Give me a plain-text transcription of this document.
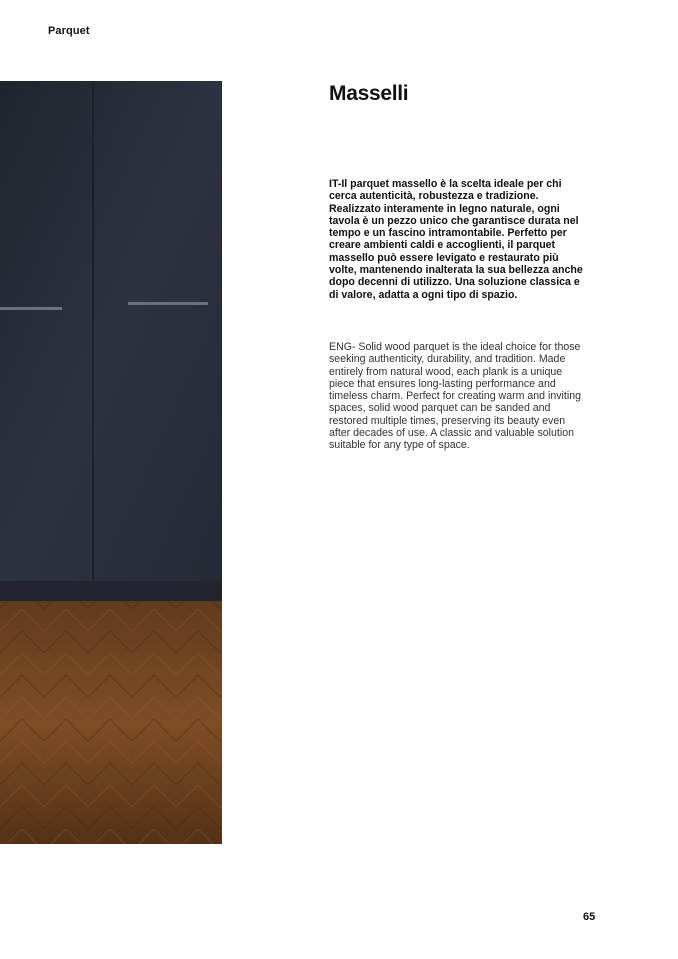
Parquet
Masselli

IT-Il parquet massello è la scelta ideale per chi cerca autenticità, robustezza e tradizione. Realizzato interamente in legno naturale, ogni tavola è un pezzo unico che garantisce durata nel tempo e un fascino intramontabile. Perfetto per creare ambienti caldi e accoglienti, il parquet massello può essere levigato e restaurato più volte, mantenendo inalterata la sua bellezza anche dopo decenni di utilizzo. Una soluzione classica e di valore, adatta a ogni tipo di spazio.

ENG- Solid wood parquet is the ideal choice for those seeking authenticity, durability, and tradition. Made entirely from natural wood, each plank is a unique piece that ensures long-lasting performance and timeless charm. Perfect for creating warm and inviting spaces, solid wood parquet can be sanded and restored multiple times, preserving its beauty even after decades of use. A classic and valuable solution suitable for any type of space.

65
